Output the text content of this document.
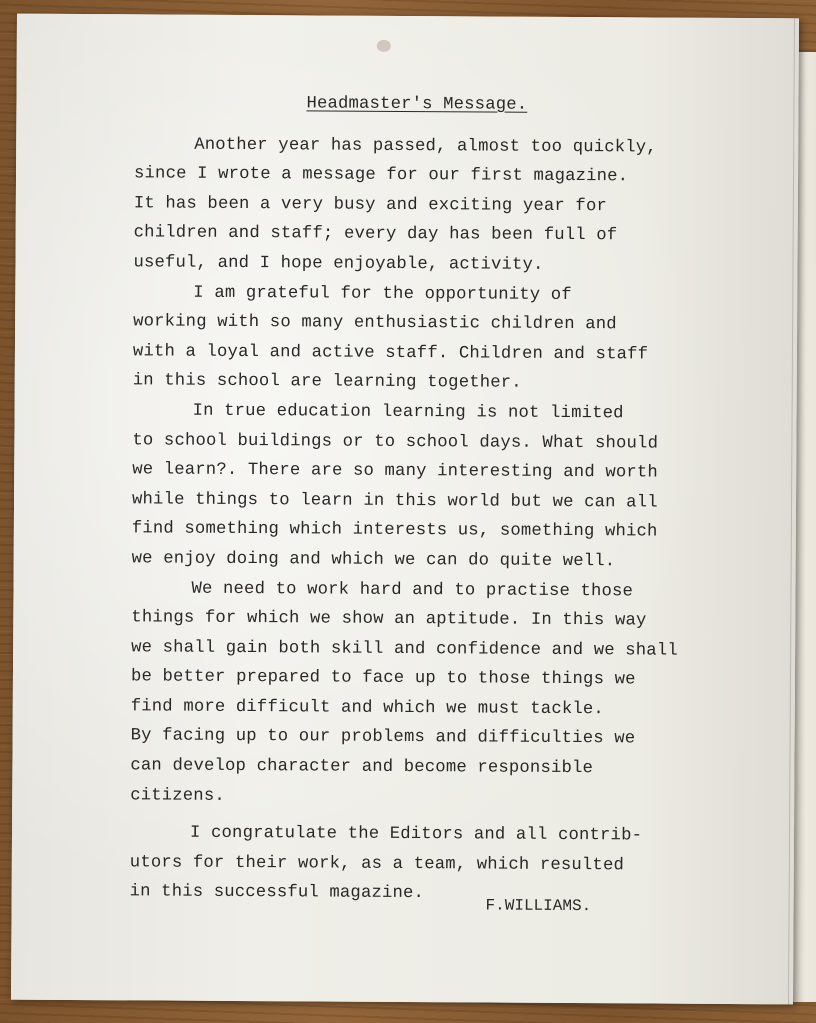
Headmaster's Message.

Another year has passed, almost too quickly,
since I wrote a message for our first magazine.
It has been a very busy and exciting year for
children and staff; every day has been full of
useful, and I hope enjoyable, activity.

I am grateful for the opportunity of
working with so many enthusiastic children and
with a loyal and active staff. Children and staff
in this school are learning together.

In true education learning is not limited
to school buildings or to school days. What should
we learn?. There are so many interesting and worth
while things to learn in this world but we can all
find something which interests us, something which
we enjoy doing and which we can do quite well.

We need to work hard and to practise those
things for which we show an aptitude. In this way
we shall gain both skill and confidence and we shall
be better prepared to face up to those things we
find more difficult and which we must tackle.
By facing up to our problems and difficulties we
can develop character and become responsible
citizens.

I congratulate the Editors and all contrib-
utors for their work, as a team, which resulted
in this successful magazine.

F.WILLIAMS.
